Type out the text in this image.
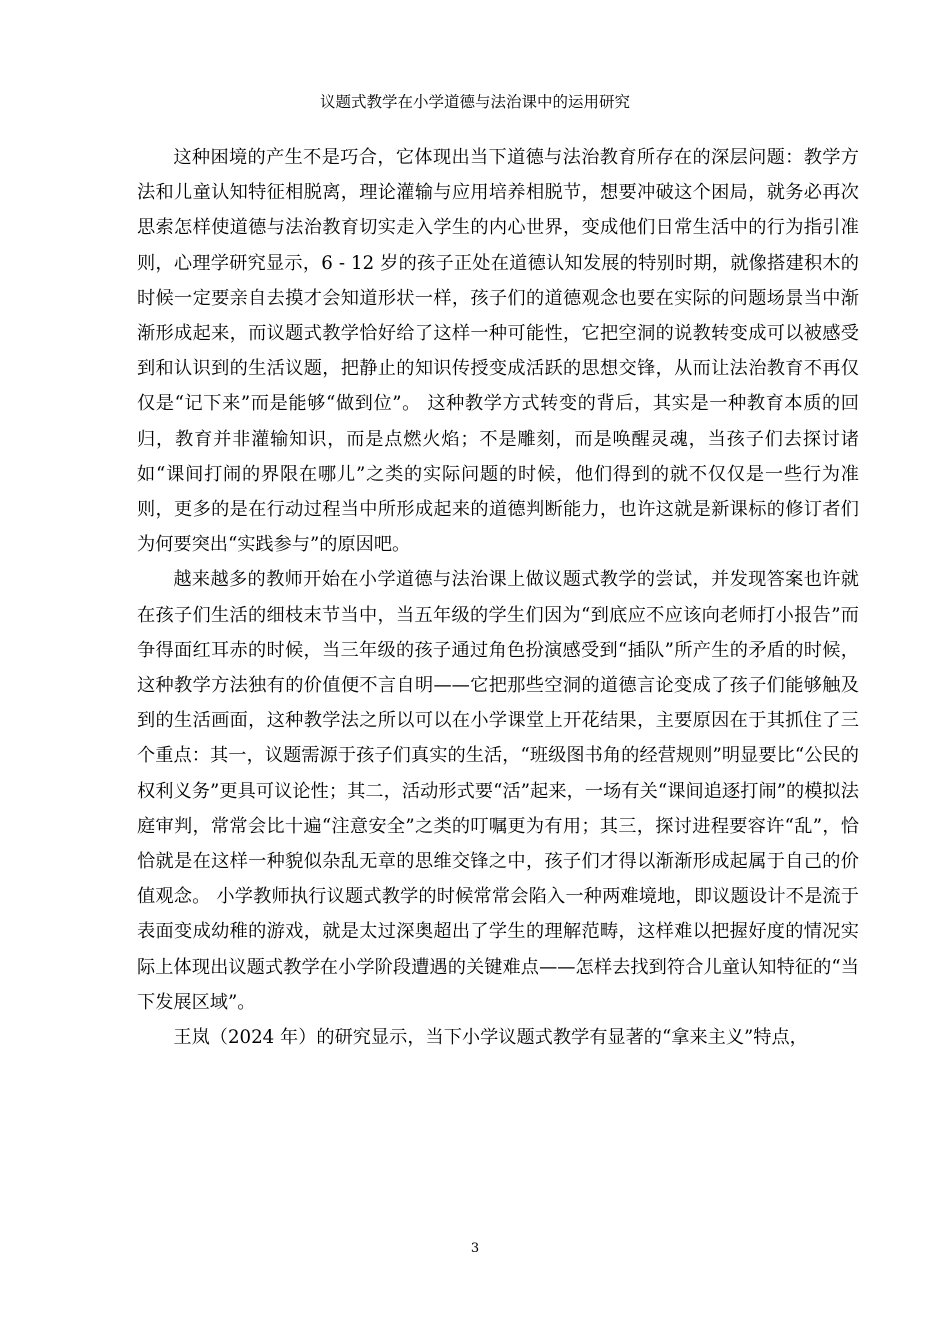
议题式教学在小学道德与法治课中的运用研究

这种困境的产生不是巧合，它体现出当下道德与法治教育所存在的深层问题：教学方法和儿童认知特征相脱离，理论灌输与应用培养相脱节，想要冲破这个困局，就务必再次思索怎样使道德与法治教育切实走入学生的内心世界，变成他们日常生活中的行为指引准则，心理学研究显示，6 - 12 岁的孩子正处在道德认知发展的特别时期，就像搭建积木的时候一定要亲自去摸才会知道形状一样，孩子们的道德观念也要在实际的问题场景当中渐渐形成起来，而议题式教学恰好给了这样一种可能性，它把空洞的说教转变成可以被感受到和认识到的生活议题，把静止的知识传授变成活跃的思想交锋，从而让法治教育不再仅仅是“记下来”而是能够“做到位”。 这种教学方式转变的背后，其实是一种教育本质的回归，教育并非灌输知识，而是点燃火焰；不是雕刻，而是唤醒灵魂，当孩子们去探讨诸如“课间打闹的界限在哪儿”之类的实际问题的时候，他们得到的就不仅仅是一些行为准则，更多的是在行动过程当中所形成起来的道德判断能力，也许这就是新课标的修订者们为何要突出“实践参与”的原因吧。

越来越多的教师开始在小学道德与法治课上做议题式教学的尝试，并发现答案也许就在孩子们生活的细枝末节当中，当五年级的学生们因为“到底应不应该向老师打小报告”而争得面红耳赤的时候，当三年级的孩子通过角色扮演感受到“插队”所产生的矛盾的时候，这种教学方法独有的价值便不言自明——它把那些空洞的道德言论变成了孩子们能够触及到的生活画面，这种教学法之所以可以在小学课堂上开花结果，主要原因在于其抓住了三个重点：其一，议题需源于孩子们真实的生活，“班级图书角的经营规则”明显要比“公民的权利义务”更具可议论性；其二，活动形式要“活”起来，一场有关“课间追逐打闹”的模拟法庭审判，常常会比十遍“注意安全”之类的叮嘱更为有用；其三，探讨进程要容许“乱”，恰恰就是在这样一种貌似杂乱无章的思维交锋之中，孩子们才得以渐渐形成起属于自己的价值观念。 小学教师执行议题式教学的时候常常会陷入一种两难境地，即议题设计不是流于表面变成幼稚的游戏，就是太过深奥超出了学生的理解范畴，这样难以把握好度的情况实际上体现出议题式教学在小学阶段遭遇的关键难点——怎样去找到符合儿童认知特征的“当下发展区域”。

王岚（2024 年）的研究显示，当下小学议题式教学有显著的“拿来主义”特点，

3
